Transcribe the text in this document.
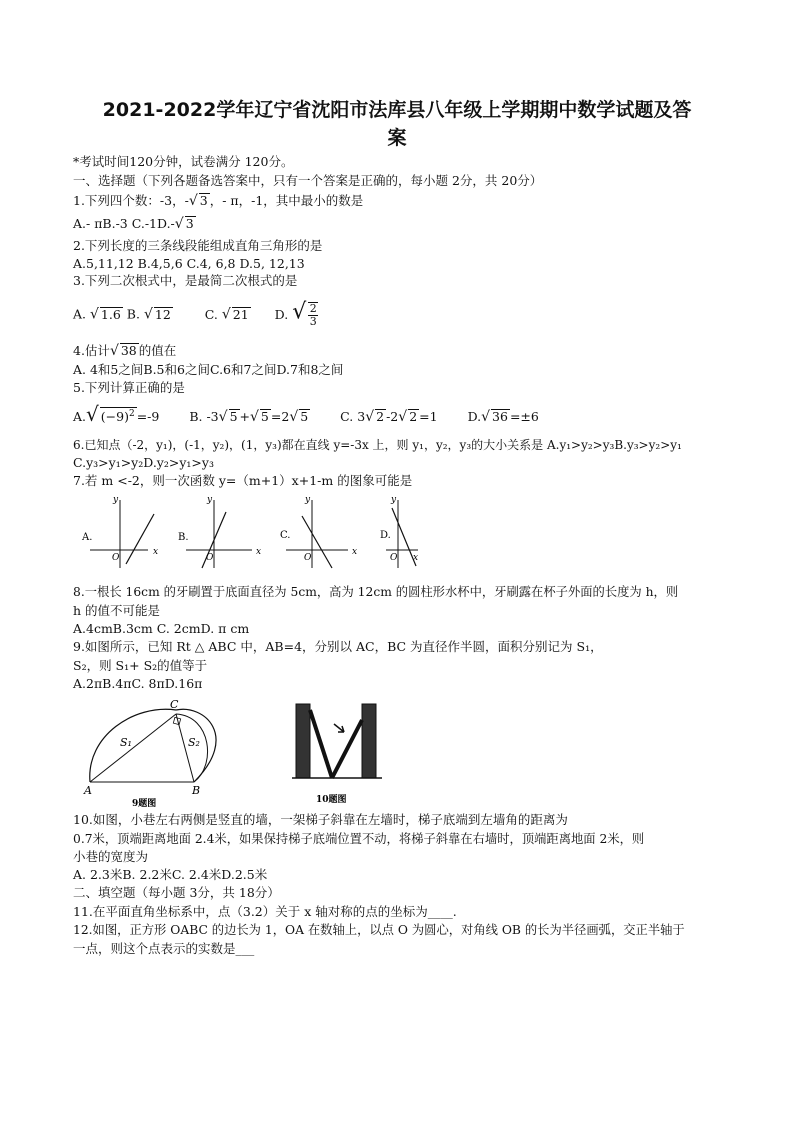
2021-2022学年辽宁省沈阳市法库县八年级上学期期中数学试题及答
案
*考试时间120分钟，试卷满分 120分。
一、选择题（下列各题备选答案中，只有一个答案是正确的，每小题 2分，共 20分）
1.下列四个数：-3，-√ 3 ，- π，-1，其中最小的数是
A.- πB.-3 C.-1D.-√ 3
2.下列长度的三条线段能组成直角三角形的是
A.5,11,12 B.4,5,6 C.4, 6,8 D.5, 12,13
3.下列二次根式中，是最简二次根式的是
A. √ 1.6 B. √ 12	C. √ 21 D. √ $\frac{2}{3}$
4.估计√ 38 的值在
A. 4和5之间B.5和6之间C.6和7之间D.7和8之间
5.下列计算正确的是
A.√ $(-9)^2 =-9$ B. -3√ 5 +√ 5 =2√ 5	C. 3√ 2 -2√ 2 =1 D.√ 36 =±6
6.已知点（-2，y₁)，(-1，y₂)，(1，y₃)都在直线 y=-3x 上，则 y₁，y₂，y₃的大小关系是 A.y₁>y₂>y₃B.y₃>y₂>y₁
C.y₃>y₁>y₂D.y₂>y₁>y₃
7.若 m <-2，则一次函数 y=（m+1）x+1-m 的图象可能是
A.
x
y
O
B.
x
y
O
C.
x
y
O
D.
y
O x
8.一根长 16cm 的牙刷置于底面直径为 5cm，高为 12cm 的圆柱形水杯中，牙刷露在杯子外面的长度为 h，则
h 的值不可能是
A.4cmB.3cm C. 2cmD. π cm
9.如图所示，已知 Rt △ ABC 中，AB=4，分别以 AC，BC 为直径作半圆，面积分别记为 S₁，
S₂，则 S₁+ S₂的值等于
A.2πB.4πC. 8πD.16π
A	B
C
S₁	S₂
9题图	10题图
10.如图，小巷左右两侧是竖直的墙，一架梯子斜靠在左墙时，梯子底端到左墙角的距离为
0.7米，顶端距离地面 2.4米，如果保持梯子底端位置不动，将梯子斜靠在右墙时，顶端距离地面 2米，则
小巷的宽度为
A. 2.3米B. 2.2米C. 2.4米D.2.5米
二、填空题（每小题 3分，共 18分）
11.在平面直角坐标系中，点（3.2）关于 x 轴对称的点的坐标为____.
12.如图，正方形 OABC 的边长为 1，OA 在数轴上，以点 O 为圆心，对角线 OB 的长为半径画弧，交正半轴于
一点，则这个点表示的实数是___
